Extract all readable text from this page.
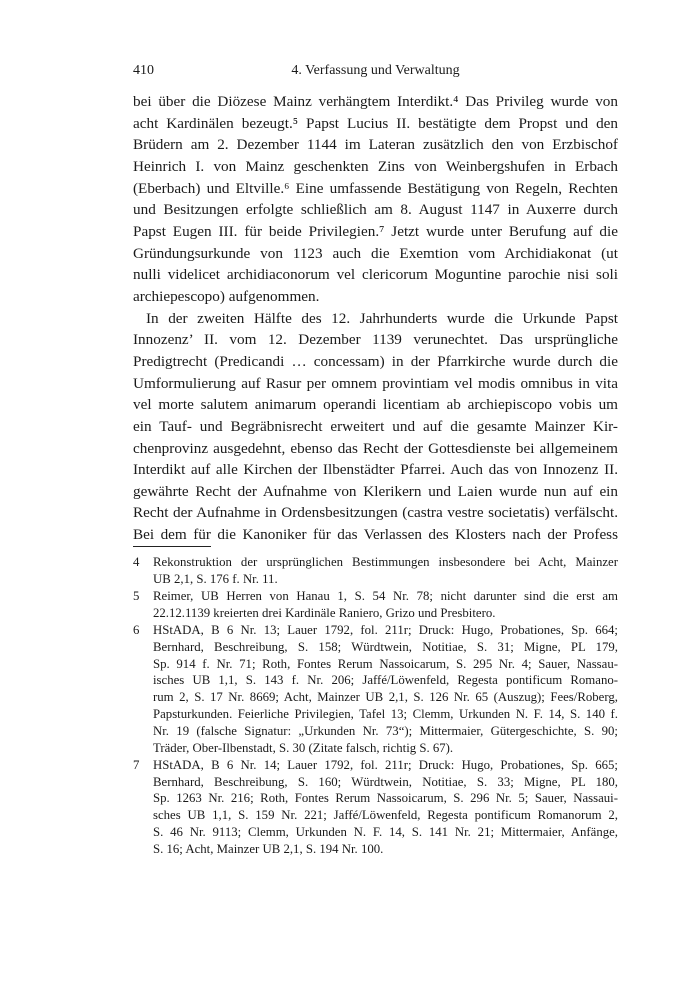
410	4. Verfassung und Verwaltung
bei über die Diözese Mainz verhängtem Interdikt.⁴ Das Privileg wurde von
acht Kardinälen bezeugt.⁵ Papst Lucius II. bestätigte dem Propst und den
Brüdern am 2. Dezember 1144 im Lateran zusätzlich den von Erzbischof
Heinrich I. von Mainz geschenkten Zins von Weinbergshufen in Erbach
(Eberbach) und Eltville.⁶ Eine umfassende Bestätigung von Regeln, Rechten
und Besitzungen erfolgte schließlich am 8. August 1147 in Auxerre durch
Papst Eugen III. für beide Privilegien.⁷ Jetzt wurde unter Berufung auf die
Gründungsurkunde von 1123 auch die Exemtion vom Archidiakonat (ut
nulli videlicet archidiaconorum vel clericorum Moguntine parochie nisi soli
archiepescopo) aufgenommen.
In der zweiten Hälfte des 12. Jahrhunderts wurde die Urkunde Papst
Innozenz’ II. vom 12. Dezember 1139 verunechtet. Das ursprüngliche
Predigtrecht (Predicandi … concessam) in der Pfarrkirche wurde durch die
Umformulierung auf Rasur per omnem provintiam vel modis omnibus in vita
vel morte salutem animarum operandi licentiam ab archiepiscopo vobis um
ein Tauf- und Begräbnisrecht erweitert und auf die gesamte Mainzer Kir-
chenprovinz ausgedehnt, ebenso das Recht der Gottesdienste bei allgemeinem
Interdikt auf alle Kirchen der Ilbenstädter Pfarrei. Auch das von Innozenz II.
gewährte Recht der Aufnahme von Klerikern und Laien wurde nun auf ein
Recht der Aufnahme in Ordensbesitzungen (castra vestre societatis) verfälscht.
Bei dem für die Kanoniker für das Verlassen des Klosters nach der Profess
4 Rekonstruktion der ursprünglichen Bestimmungen insbesondere bei Acht, Mainzer
UB 2,1, S. 176 f. Nr. 11.
5 Reimer, UB Herren von Hanau 1, S. 54 Nr. 78; nicht darunter sind die erst am
22.12.1139 kreierten drei Kardinäle Raniero, Grizo und Presbitero.
6 HStADA, B 6 Nr. 13; Lauer 1792, fol. 211r; Druck: Hugo, Probationes, Sp. 664;
Bernhard, Beschreibung, S. 158; Würdtwein, Notitiae, S. 31; Migne, PL 179,
Sp. 914 f. Nr. 71; Roth, Fontes Rerum Nassoicarum, S. 295 Nr. 4; Sauer, Nassau-
isches UB 1,1, S. 143 f. Nr. 206; Jaffé/Löwenfeld, Regesta pontificum Romano-
rum 2, S. 17 Nr. 8669; Acht, Mainzer UB 2,1, S. 126 Nr. 65 (Auszug); Fees/Roberg,
Papsturkunden. Feierliche Privilegien, Tafel 13; Clemm, Urkunden N. F. 14, S. 140 f.
Nr. 19 (falsche Signatur: „Urkunden Nr. 73“); Mittermaier, Gütergeschichte, S. 90;
Träder, Ober-Ilbenstadt, S. 30 (Zitate falsch, richtig S. 67).
7 HStADA, B 6 Nr. 14; Lauer 1792, fol. 211r; Druck: Hugo, Probationes, Sp. 665;
Bernhard, Beschreibung, S. 160; Würdtwein, Notitiae, S. 33; Migne, PL 180,
Sp. 1263 Nr. 216; Roth, Fontes Rerum Nassoicarum, S. 296 Nr. 5; Sauer, Nassaui-
sches UB 1,1, S. 159 Nr. 221; Jaffé/Löwenfeld, Regesta pontificum Romanorum 2,
S. 46 Nr. 9113; Clemm, Urkunden N. F. 14, S. 141 Nr. 21; Mittermaier, Anfänge,
S. 16; Acht, Mainzer UB 2,1, S. 194 Nr. 100.
